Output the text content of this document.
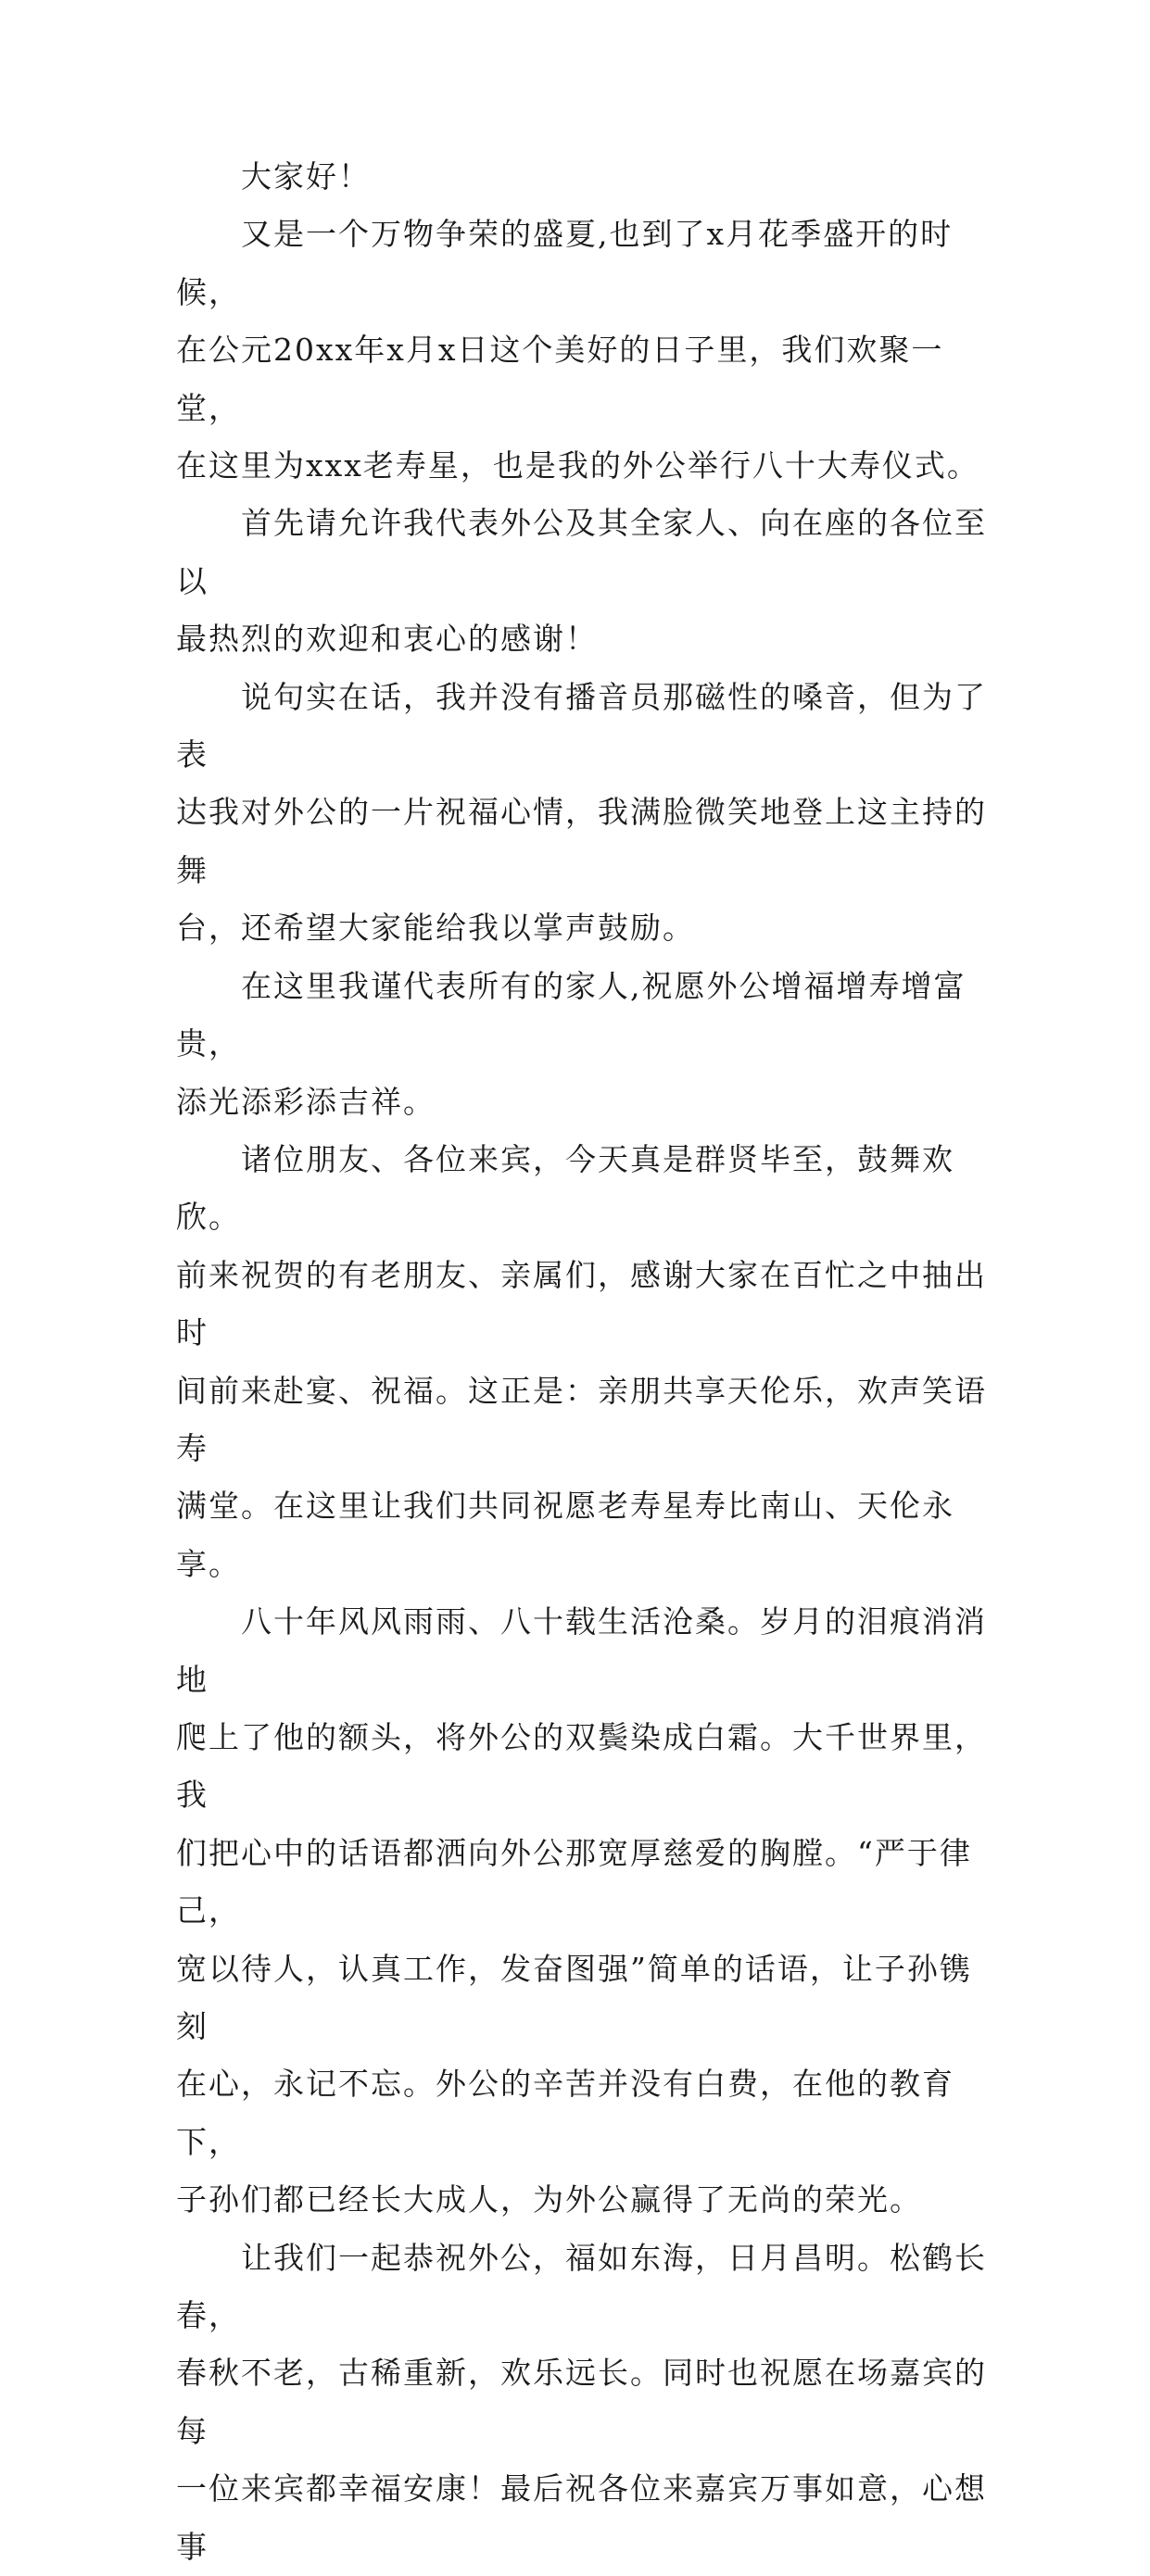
　　大家好！

　　又是一个万物争荣的盛夏,也到了x月花季盛开的时候，
在公元20xx年x月x日这个美好的日子里，我们欢聚一堂，
在这里为xxx老寿星，也是我的外公举行八十大寿仪式。

　　首先请允许我代表外公及其全家人、向在座的各位至以
最热烈的欢迎和衷心的感谢！

　　说句实在话，我并没有播音员那磁性的嗓音，但为了表
达我对外公的一片祝福心情，我满脸微笑地登上这主持的舞
台，还希望大家能给我以掌声鼓励。

　　在这里我谨代表所有的家人,祝愿外公增福增寿增富贵，
添光添彩添吉祥。

　　诸位朋友、各位来宾，今天真是群贤毕至，鼓舞欢欣。
前来祝贺的有老朋友、亲属们，感谢大家在百忙之中抽出时
间前来赴宴、祝福。这正是：亲朋共享天伦乐，欢声笑语寿
满堂。在这里让我们共同祝愿老寿星寿比南山、天伦永享。

　　八十年风风雨雨、八十载生活沧桑。岁月的泪痕消消地
爬上了他的额头，将外公的双鬓染成白霜。大千世界里，我
们把心中的话语都洒向外公那宽厚慈爱的胸膛。“严于律己，
宽以待人，认真工作，发奋图强”简单的话语，让子孙镌刻
在心，永记不忘。外公的辛苦并没有白费，在他的教育下，
子孙们都已经长大成人，为外公赢得了无尚的荣光。

　　让我们一起恭祝外公，福如东海，日月昌明。松鹤长春，
春秋不老，古稀重新，欢乐远长。同时也祝愿在场嘉宾的每
一位来宾都幸福安康！最后祝各位来嘉宾万事如意，心想事
